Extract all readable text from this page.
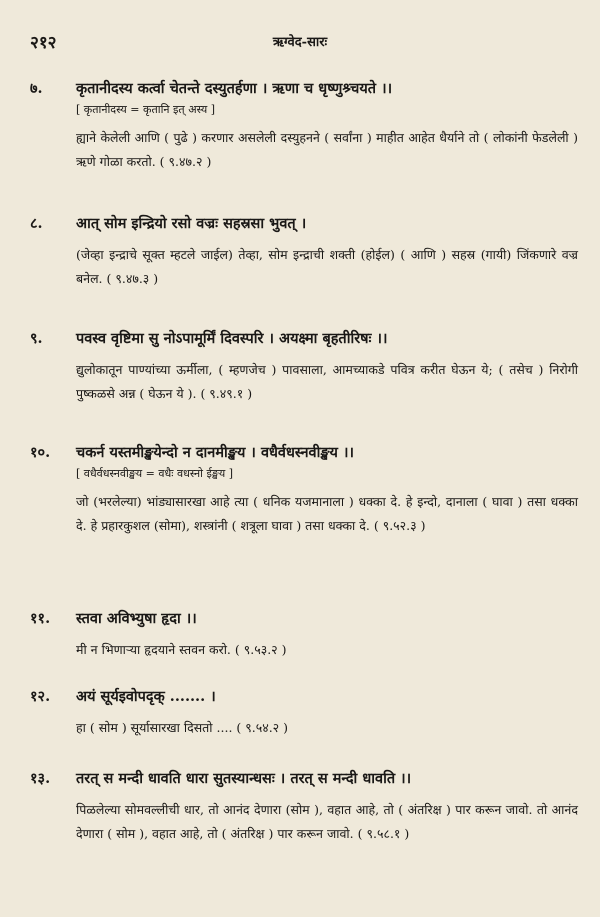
२१२	ऋग्वेद-सारः
७.	कृतानीदस्य कर्त्वा चेतन्ते दस्युतर्हणा । ऋणा च धृष्णुश्र्चयते ।।
[ कृतानीदस्य = कृतानि इत् अस्य ]
ह्याने केलेली आणि ( पुढे ) करणार असलेली दस्युहनने ( सर्वांना ) माहीत आहेत धैर्याने तो ( लोकांनी फेडलेली ) ऋणे गोळा करतो. ( ९.४७.२ )
८.	आत् सोम इन्द्रियो रसो वज्रः सहस्रसा भुवत् ।
(जेव्हा इन्द्राचे सूक्त म्हटले जाईल) तेव्हा, सोम इन्द्राची शक्ती (होईल) ( आणि ) सहस्र (गायी) जिंकणारे वज्र बनेल. ( ९.४७.३ )
९.	पवस्व वृष्टिमा सु नोऽपामूर्मिं दिवस्परि । अयक्ष्मा बृहतीरिषः ।।
द्युलोकातून पाण्यांच्या ऊर्मीला, ( म्हणजेच ) पावसाला, आमच्याकडे पवित्र करीत घेऊन ये; ( तसेच ) निरोगी पुष्कळसे अन्न ( घेऊन ये ). ( ९.४९.१ )
१०.	चकर्न यस्तमीङ्खयेन्दो न दानमीङ्खय । वधैर्वधस्नवीङ्खय ।।
[ वधैर्वधस्नवीङ्खय = वधैः वधस्नो ईङ्खय ]
जो (भरलेल्या) भांड्यासारखा आहे त्या ( धनिक यजमानाला ) धक्का दे. हे इन्दो, दानाला ( घावा ) तसा धक्का दे. हे प्रहारकुशल (सोमा), शस्त्रांनी ( शत्रूला घावा ) तसा धक्का दे. ( ९.५२.३ )
११.	स्तवा अविभ्युषा हृदा ।।
मी न भिणाऱ्या हृदयाने स्तवन करो. ( ९.५३.२ )
१२.	अयं सूर्यइवोपदृक् ....... ।
हा ( सोम ) सूर्यासारखा दिसतो .... ( ९.५४.२ )
१३.	तरत् स मन्दी धावति धारा सुतस्यान्धसः । तरत् स मन्दी धावति ।।
पिळलेल्या सोमवल्लीची धार, तो आनंद देणारा (सोम ), वहात आहे, तो ( अंतरिक्ष ) पार करून जावो. तो आनंद देणारा ( सोम ), वहात आहे, तो ( अंतरिक्ष ) पार करून जावो. ( ९.५८.१ )
